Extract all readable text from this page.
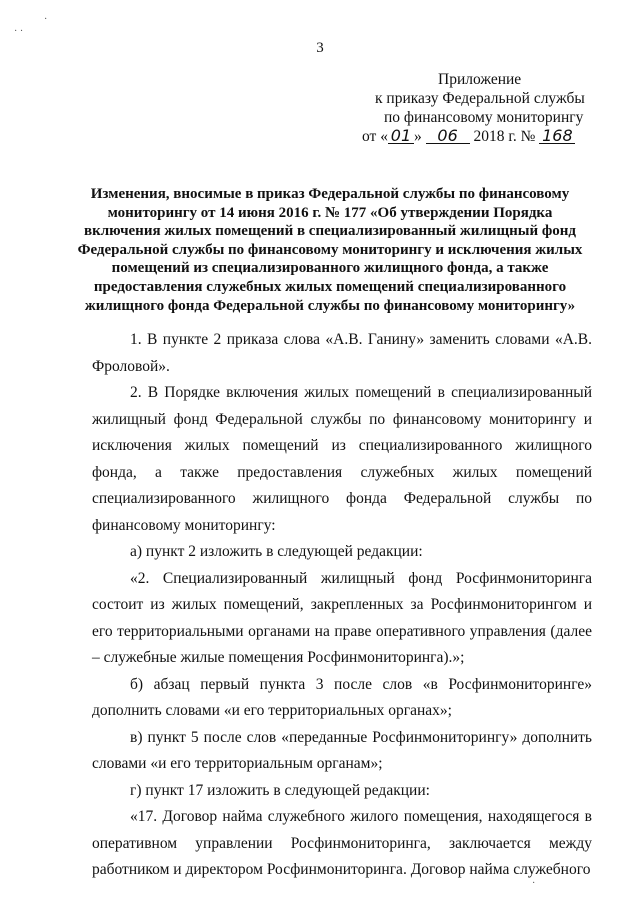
·
· ·
·
3
Приложение
к приказу Федеральной службы
по финансовому мониторингу
от « 01 » 06 2018 г. № 168
Изменения, вносимые в приказ Федеральной службы по финансовому мониторингу от 14 июня 2016 г. № 177 «Об утверждении Порядка включения жилых помещений в специализированный жилищный фонд Федеральной службы по финансовому мониторингу и исключения жилых помещений из специализированного жилищного фонда, а также предоставления служебных жилых помещений специализированного жилищного фонда Федеральной службы по финансовому мониторингу»

1. В пункте 2 приказа слова «А.В. Ганину» заменить словами «А.В. Фроловой».

2. В Порядке включения жилых помещений в специализированный жилищный фонд Федеральной службы по финансовому мониторингу и исключения жилых помещений из специализированного жилищного фонда, а также предоставления служебных жилых помещений специализированного жилищного фонда Федеральной службы по финансовому мониторингу:

а) пункт 2 изложить в следующей редакции:

«2. Специализированный жилищный фонд Росфинмониторинга состоит из жилых помещений, закрепленных за Росфинмониторингом и его территориальными органами на праве оперативного управления (далее – служебные жилые помещения Росфинмониторинга).»;

б) абзац первый пункта 3 после слов «в Росфинмониторинге» дополнить словами «и его территориальных органах»;

в) пункт 5 после слов «переданные Росфинмониторингу» дополнить словами «и его территориальным органам»;

г) пункт 17 изложить в следующей редакции:

«17. Договор найма служебного жилого помещения, находящегося в оперативном управлении Росфинмониторинга, заключается между работником и директором Росфинмониторинга. Договор найма служебного
